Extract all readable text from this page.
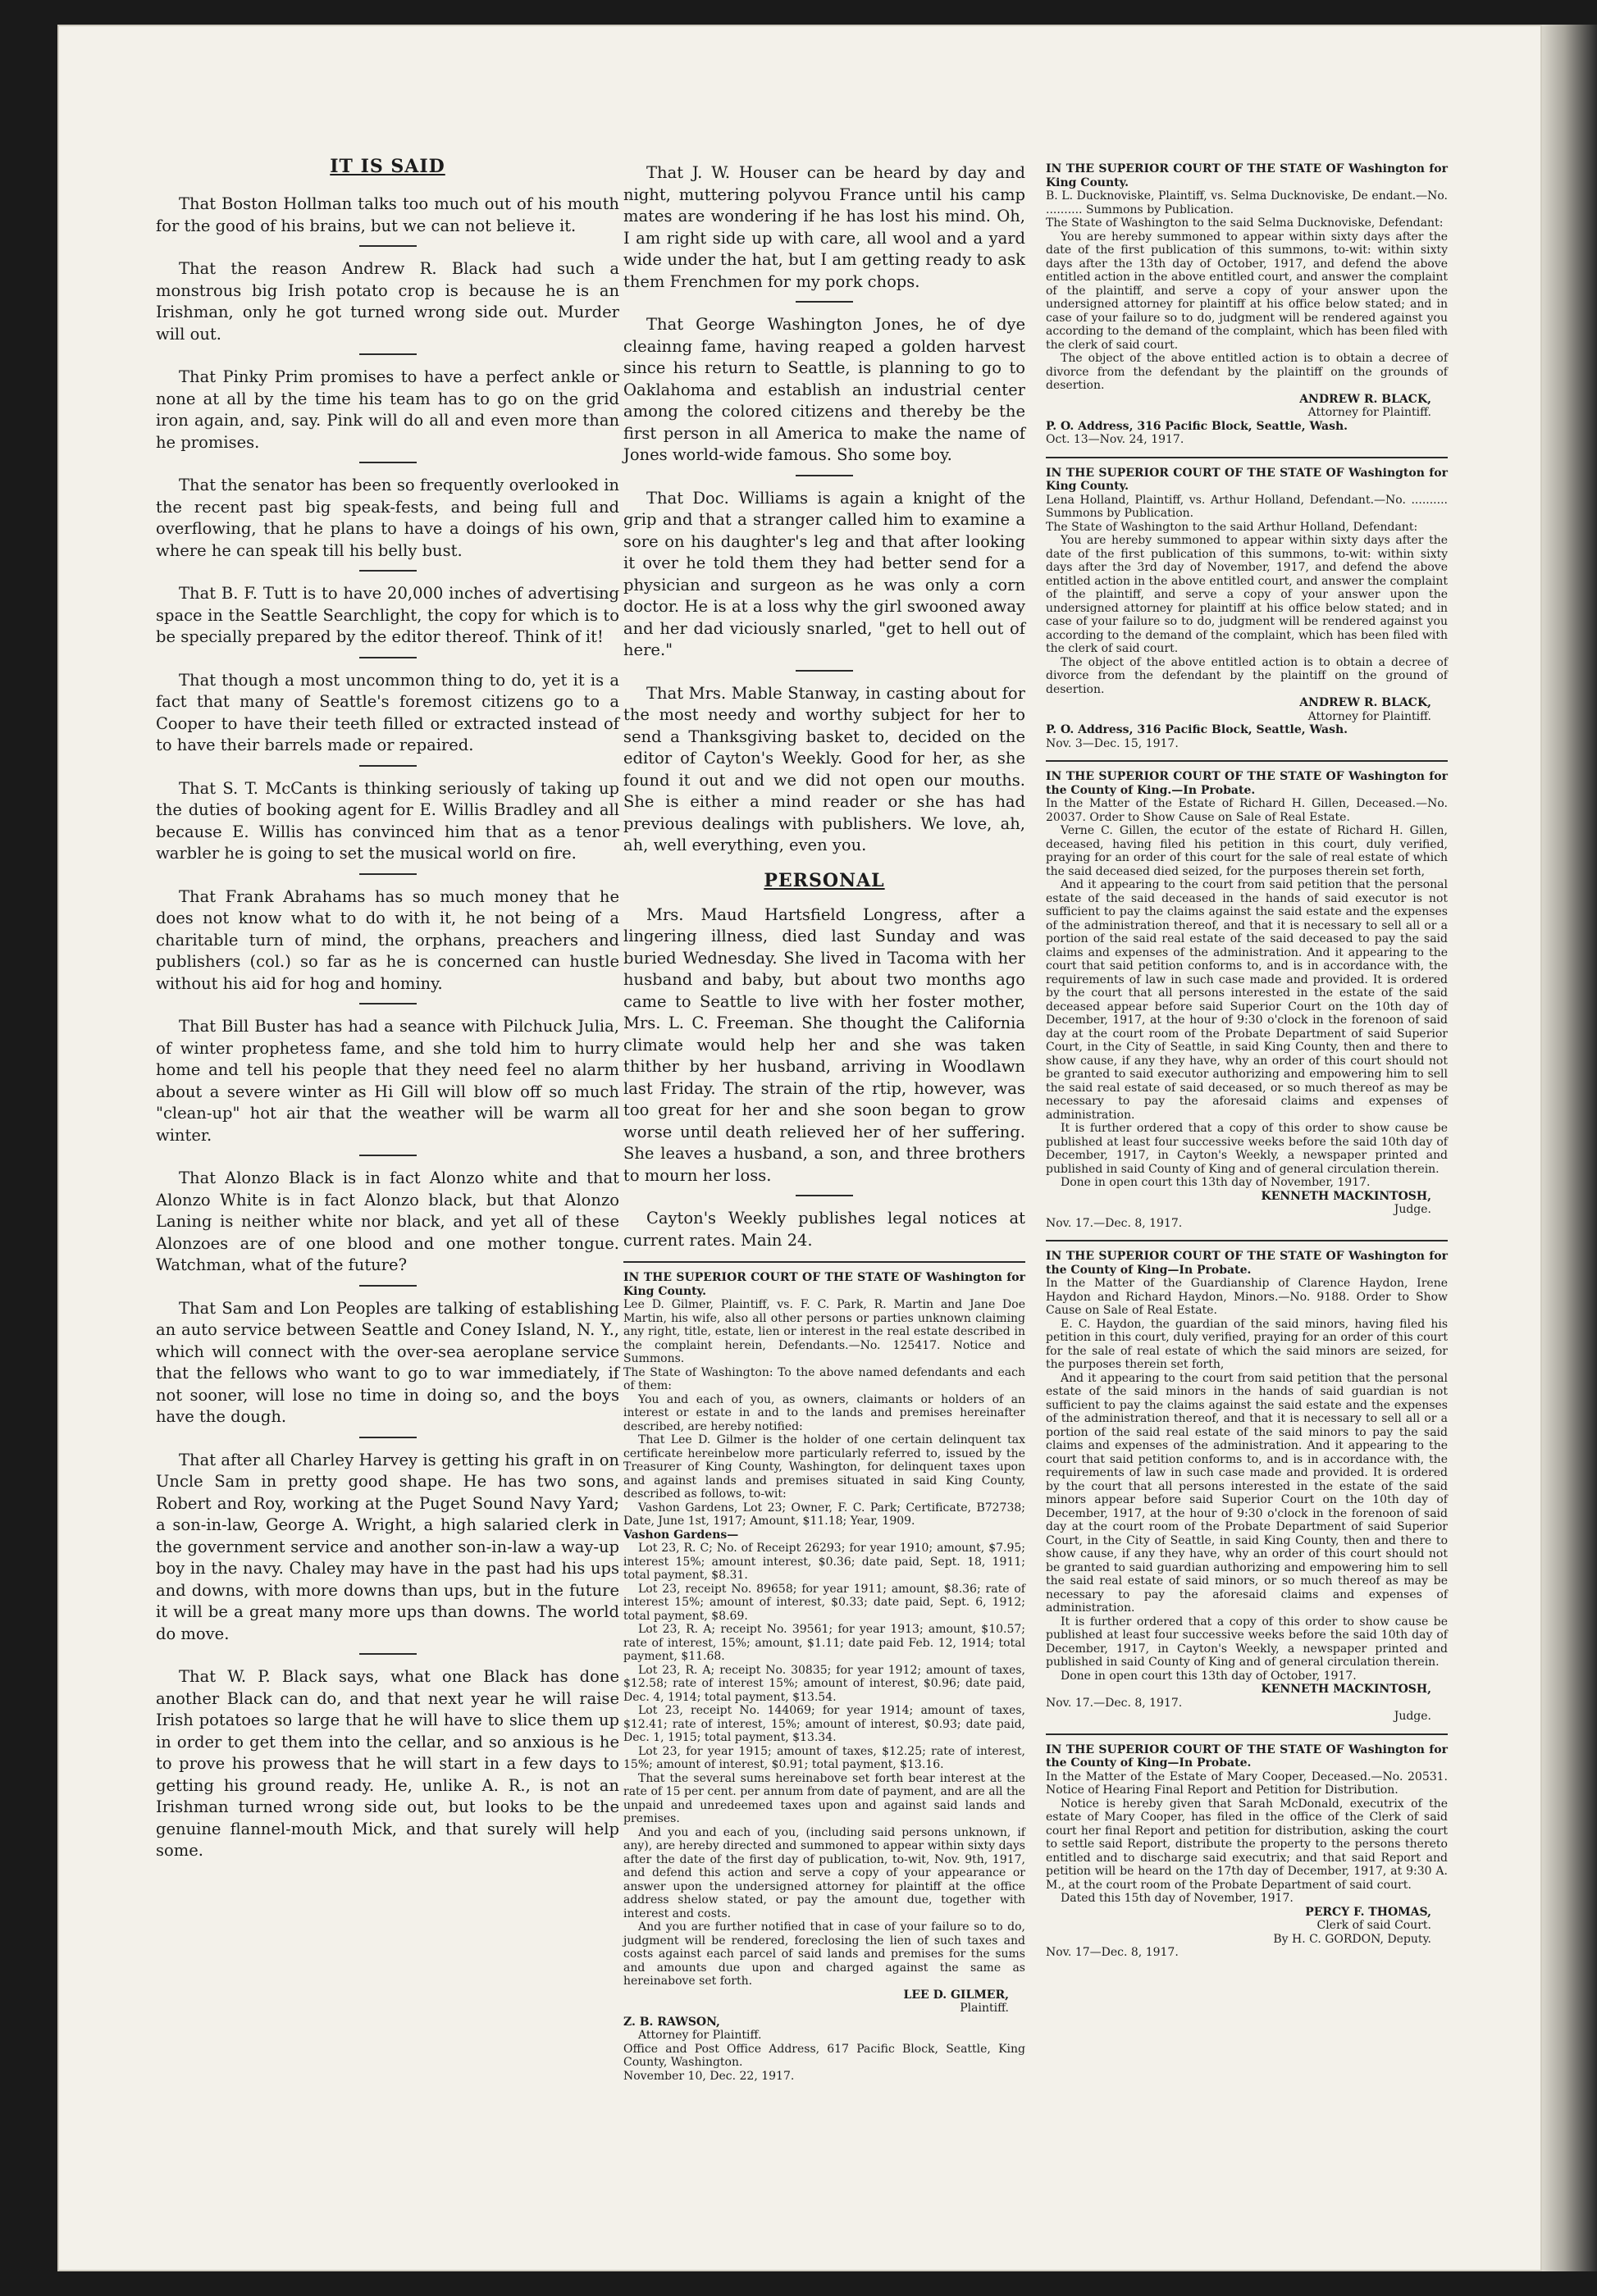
IT IS SAID

That Boston Hollman talks too much out of his mouth for the good of his brains, but we can not believe it.

That the reason Andrew R. Black had such a monstrous big Irish potato crop is because he is an Irishman, only he got turned wrong side out. Murder will out.

That Pinky Prim promises to have a perfect ankle or none at all by the time his team has to go on the grid iron again, and, say. Pink will do all and even more than he promises.

That the senator has been so frequently overlooked in the recent past big speak-fests, and being full and overflowing, that he plans to have a doings of his own, where he can speak till his belly bust.

That B. F. Tutt is to have 20,000 inches of advertising space in the Seattle Searchlight, the copy for which is to be specially prepared by the editor thereof. Think of it!

That though a most uncommon thing to do, yet it is a fact that many of Seattle's foremost citizens go to a Cooper to have their teeth filled or extracted instead of to have their barrels made or repaired.

That S. T. McCants is thinking seriously of taking up the duties of booking agent for E. Willis Bradley and all because E. Willis has convinced him that as a tenor warbler he is going to set the musical world on fire.

That Frank Abrahams has so much money that he does not know what to do with it, he not being of a charitable turn of mind, the orphans, preachers and publishers (col.) so far as he is concerned can hustle without his aid for hog and hominy.

That Bill Buster has had a seance with Pilchuck Julia, of winter prophetess fame, and she told him to hurry home and tell his people that they need feel no alarm about a severe winter as Hi Gill will blow off so much "clean-up" hot air that the weather will be warm all winter.

That Alonzo Black is in fact Alonzo white and that Alonzo White is in fact Alonzo black, but that Alonzo Laning is neither white nor black, and yet all of these Alonzoes are of one blood and one mother tongue. Watchman, what of the future?

That Sam and Lon Peoples are talking of establishing an auto service between Seattle and Coney Island, N. Y., which will connect with the over-sea aeroplane service that the fellows who want to go to war immediately, if not sooner, will lose no time in doing so, and the boys have the dough.

That after all Charley Harvey is getting his graft in on Uncle Sam in pretty good shape. He has two sons, Robert and Roy, working at the Puget Sound Navy Yard; a son-in-law, George A. Wright, a high salaried clerk in the government service and another son-in-law a way-up boy in the navy. Chaley may have in the past had his ups and downs, with more downs than ups, but in the future it will be a great many more ups than downs. The world do move.

That W. P. Black says, what one Black has done another Black can do, and that next year he will raise Irish potatoes so large that he will have to slice them up in order to get them into the cellar, and so anxious is he to prove his prowess that he will start in a few days to getting his ground ready. He, unlike A. R., is not an Irishman turned wrong side out, but looks to be the genuine flannel-mouth Mick, and that surely will help some.

That J. W. Houser can be heard by day and night, muttering polyvou France until his camp mates are wondering if he has lost his mind. Oh, I am right side up with care, all wool and a yard wide under the hat, but I am getting ready to ask them Frenchmen for my pork chops.

That George Washington Jones, he of dye cleainng fame, having reaped a golden harvest since his return to Seattle, is planning to go to Oaklahoma and establish an industrial center among the colored citizens and thereby be the first person in all America to make the name of Jones world-wide famous. Sho some boy.

That Doc. Williams is again a knight of the grip and that a stranger called him to examine a sore on his daughter's leg and that after looking it over he told them they had better send for a physician and surgeon as he was only a corn doctor. He is at a loss why the girl swooned away and her dad viciously snarled, "get to hell out of here."

That Mrs. Mable Stanway, in casting about for the most needy and worthy subject for her to send a Thanksgiving basket to, decided on the editor of Cayton's Weekly. Good for her, as she found it out and we did not open our mouths. She is either a mind reader or she has had previous dealings with publishers. We love, ah, ah, well everything, even you.

PERSONAL

Mrs. Maud Hartsfield Longress, after a lingering illness, died last Sunday and was buried Wednesday. She lived in Tacoma with her husband and baby, but about two months ago came to Seattle to live with her foster mother, Mrs. L. C. Freeman. She thought the California climate would help her and she was taken thither by her husband, arriving in Woodlawn last Friday. The strain of the rtip, however, was too great for her and she soon began to grow worse until death relieved her of her suffering. She leaves a husband, a son, and three brothers to mourn her loss.

Cayton's Weekly publishes legal notices at current rates. Main 24.

IN THE SUPERIOR COURT OF THE STATE OF Washington for King County.

Lee D. Gilmer, Plaintiff, vs. F. C. Park, R. Martin and Jane Doe Martin, his wife, also all other persons or parties unknown claiming any right, title, estate, lien or interest in the real estate described in the complaint herein, Defendants.—No. 125417. Notice and Summons.

The State of Washington: To the above named defendants and each of them:

You and each of you, as owners, claimants or holders of an interest or estate in and to the lands and premises hereinafter described, are hereby notified:

That Lee D. Gilmer is the holder of one certain delinquent tax certificate hereinbelow more particularly referred to, issued by the Treasurer of King County, Washington, for delinquent taxes upon and against lands and premises situated in said King County, described as follows, to-wit:

Vashon Gardens, Lot 23; Owner, F. C. Park; Certificate, B72738; Date, June 1st, 1917; Amount, $11.18; Year, 1909.

Vashon Gardens—

Lot 23, R. C; No. of Receipt 26293; for year 1910; amount, $7.95; interest 15%; amount interest, $0.36; date paid, Sept. 18, 1911; total payment, $8.31.

Lot 23, receipt No. 89658; for year 1911; amount, $8.36; rate of interest 15%; amount of interest, $0.33; date paid, Sept. 6, 1912; total payment, $8.69.

Lot 23, R. A; receipt No. 39561; for year 1913; amount, $10.57; rate of interest, 15%; amount, $1.11; date paid Feb. 12, 1914; total payment, $11.68.

Lot 23, R. A; receipt No. 30835; for year 1912; amount of taxes, $12.58; rate of interest 15%; amount of interest, $0.96; date paid, Dec. 4, 1914; total payment, $13.54.

Lot 23, receipt No. 144069; for year 1914; amount of taxes, $12.41; rate of interest, 15%; amount of interest, $0.93; date paid, Dec. 1, 1915; total payment, $13.34.

Lot 23, for year 1915; amount of taxes, $12.25; rate of interest, 15%; amount of interest, $0.91; total payment, $13.16.

That the several sums hereinabove set forth bear interest at the rate of 15 per cent. per annum from date of payment, and are all the unpaid and unredeemed taxes upon and against said lands and premises.

And you and each of you, (including said persons unknown, if any), are hereby directed and summoned to appear within sixty days after the date of the first day of publication, to-wit, Nov. 9th, 1917, and defend this action and serve a copy of your appearance or answer upon the undersigned attorney for plaintiff at the office address shelow stated, or pay the amount due, together with interest and costs.

And you are further notified that in case of your failure so to do, judgment will be rendered, foreclosing the lien of such taxes and costs against each parcel of said lands and premises for the sums and amounts due upon and charged against the same as hereinabove set forth.

LEE D. GILMER,

Plaintiff.

Z. B. RAWSON,

Attorney for Plaintiff.

Office and Post Office Address, 617 Pacific Block, Seattle, King County, Washington.

November 10, Dec. 22, 1917.

IN THE SUPERIOR COURT OF THE STATE OF Washington for King County.

B. L. Ducknoviske, Plaintiff, vs. Selma Ducknoviske, De endant.—No. .......... Summons by Publication.

The State of Washington to the said Selma Ducknoviske, Defendant:

You are hereby summoned to appear within sixty days after the date of the first publication of this summons, to-wit: within sixty days after the 13th day of October, 1917, and defend the above entitled action in the above entitled court, and answer the complaint of the plaintiff, and serve a copy of your answer upon the undersigned attorney for plaintiff at his office below stated; and in case of your failure so to do, judgment will be rendered against you according to the demand of the complaint, which has been filed with the clerk of said court.

The object of the above entitled action is to obtain a decree of divorce from the defendant by the plaintiff on the grounds of desertion.

ANDREW R. BLACK,

Attorney for Plaintiff.

P. O. Address, 316 Pacific Block, Seattle, Wash.

Oct. 13—Nov. 24, 1917.

IN THE SUPERIOR COURT OF THE STATE OF Washington for King County.

Lena Holland, Plaintiff, vs. Arthur Holland, Defendant.—No. .......... Summons by Publication.

The State of Washington to the said Arthur Holland, Defendant:

You are hereby summoned to appear within sixty days after the date of the first publication of this summons, to-wit: within sixty days after the 3rd day of November, 1917, and defend the above entitled action in the above entitled court, and answer the complaint of the plaintiff, and serve a copy of your answer upon the undersigned attorney for plaintiff at his office below stated; and in case of your failure so to do, judgment will be rendered against you according to the demand of the complaint, which has been filed with the clerk of said court.

The object of the above entitled action is to obtain a decree of divorce from the defendant by the plaintiff on the ground of desertion.

ANDREW R. BLACK,

Attorney for Plaintiff.

P. O. Address, 316 Pacific Block, Seattle, Wash.

Nov. 3—Dec. 15, 1917.

IN THE SUPERIOR COURT OF THE STATE OF Washington for the County of King.—In Probate.

In the Matter of the Estate of Richard H. Gillen, Deceased.—No. 20037. Order to Show Cause on Sale of Real Estate.

Verne C. Gillen, the ecutor of the estate of Richard H. Gillen, deceased, having filed his petition in this court, duly verified, praying for an order of this court for the sale of real estate of which the said deceased died seized, for the purposes therein set forth,

And it appearing to the court from said petition that the personal estate of the said deceased in the hands of said executor is not sufficient to pay the claims against the said estate and the expenses of the administration thereof, and that it is necessary to sell all or a portion of the said real estate of the said deceased to pay the said claims and expenses of the administration. And it appearing to the court that said petition conforms to, and is in accordance with, the requirements of law in such case made and provided. It is ordered by the court that all persons interested in the estate of the said deceased appear before said Superior Court on the 10th day of December, 1917, at the hour of 9:30 o'clock in the forenoon of said day at the court room of the Probate Department of said Superior Court, in the City of Seattle, in said King County, then and there to show cause, if any they have, why an order of this court should not be granted to said executor authorizing and empowering him to sell the said real estate of said deceased, or so much thereof as may be necessary to pay the aforesaid claims and expenses of administration.

It is further ordered that a copy of this order to show cause be published at least four successive weeks before the said 10th day of December, 1917, in Cayton's Weekly, a newspaper printed and published in said County of King and of general circulation therein.

Done in open court this 13th day of November, 1917.

KENNETH MACKINTOSH,

Judge.

Nov. 17.—Dec. 8, 1917.

IN THE SUPERIOR COURT OF THE STATE OF Washington for the County of King—In Probate.

In the Matter of the Guardianship of Clarence Haydon, Irene Haydon and Richard Haydon, Minors.—No. 9188. Order to Show Cause on Sale of Real Estate.

E. C. Haydon, the guardian of the said minors, having filed his petition in this court, duly verified, praying for an order of this court for the sale of real estate of which the said minors are seized, for the purposes therein set forth,

And it appearing to the court from said petition that the personal estate of the said minors in the hands of said guardian is not sufficient to pay the claims against the said estate and the expenses of the administration thereof, and that it is necessary to sell all or a portion of the said real estate of the said minors to pay the said claims and expenses of the administration. And it appearing to the court that said petition conforms to, and is in accordance with, the requirements of law in such case made and provided. It is ordered by the court that all persons interested in the estate of the said minors appear before said Superior Court on the 10th day of December, 1917, at the hour of 9:30 o'clock in the forenoon of said day at the court room of the Probate Department of said Superior Court, in the City of Seattle, in said King County, then and there to show cause, if any they have, why an order of this court should not be granted to said guardian authorizing and empowering him to sell the said real estate of said minors, or so much thereof as may be necessary to pay the aforesaid claims and expenses of administration.

It is further ordered that a copy of this order to show cause be published at least four successive weeks before the said 10th day of December, 1917, in Cayton's Weekly, a newspaper printed and published in said County of King and of general circulation therein.

Done in open court this 13th day of October, 1917.

KENNETH MACKINTOSH,

Nov. 17.—Dec. 8, 1917.

Judge.

IN THE SUPERIOR COURT OF THE STATE OF Washington for the County of King—In Probate.

In the Matter of the Estate of Mary Cooper, Deceased.—No. 20531. Notice of Hearing Final Report and Petition for Distribution.

Notice is hereby given that Sarah McDonald, executrix of the estate of Mary Cooper, has filed in the office of the Clerk of said court her final Report and petition for distribution, asking the court to settle said Report, distribute the property to the persons thereto entitled and to discharge said executrix; and that said Report and petition will be heard on the 17th day of December, 1917, at 9:30 A. M., at the court room of the Probate Department of said court.

Dated this 15th day of November, 1917.

PERCY F. THOMAS,

Clerk of said Court.

By H. C. GORDON, Deputy.

Nov. 17—Dec. 8, 1917.
